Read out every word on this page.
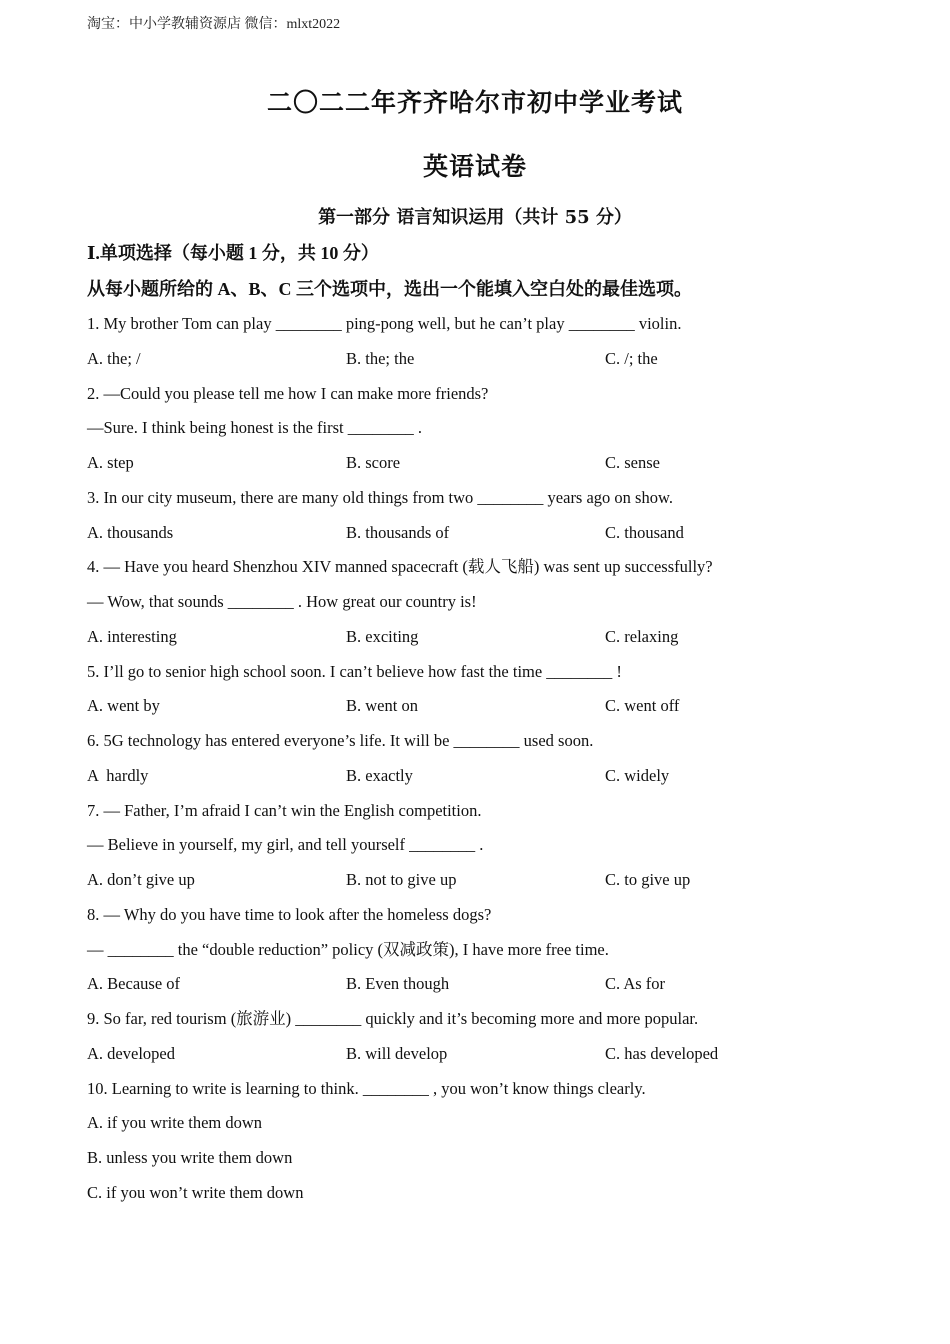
淘宝：中小学教辅资源店 微信：mlxt2022
二〇二二年齐齐哈尔市初中学业考试
英语试卷
第一部分 语言知识运用（共计 55 分）
Ⅰ.单项选择（每小题 1 分，共 10 分）
从每小题所给的 A、B、C 三个选项中，选出一个能填入空白处的最佳选项。
1. My brother Tom can play ________ ping-pong well, but he can’t play ________ violin.
A. the; /	B. the; the	C. /; the
2. —Could you please tell me how I can make more friends?
—Sure. I think being honest is the first ________ .
A. step	B. score	C. sense
3. In our city museum, there are many old things from two ________ years ago on show.
A. thousands	B. thousands of	C. thousand
4. — Have you heard Shenzhou XIV manned spacecraft (载人飞船) was sent up successfully?
— Wow, that sounds ________ . How great our country is!
A. interesting	B. exciting	C. relaxing
5. I’ll go to senior high school soon. I can’t believe how fast the time ________ !
A. went by	B. went on	C. went off
6. 5G technology has entered everyone’s life. It will be ________ used soon.
A  hardly	B. exactly	C. widely
7. — Father, I’m afraid I can’t win the English competition.
— Believe in yourself, my girl, and tell yourself ________ .
A. don’t give up	B. not to give up	C. to give up
8. — Why do you have time to look after the homeless dogs?
— ________ the “double reduction” policy (双减政策), I have more free time.
A. Because of	B. Even though	C. As for
9. So far, red tourism (旅游业) ________ quickly and it’s becoming more and more popular.
A. developed	B. will develop	C. has developed
10. Learning to write is learning to think. ________ , you won’t know things clearly.
A. if you write them down
B. unless you write them down
C. if you won’t write them down
